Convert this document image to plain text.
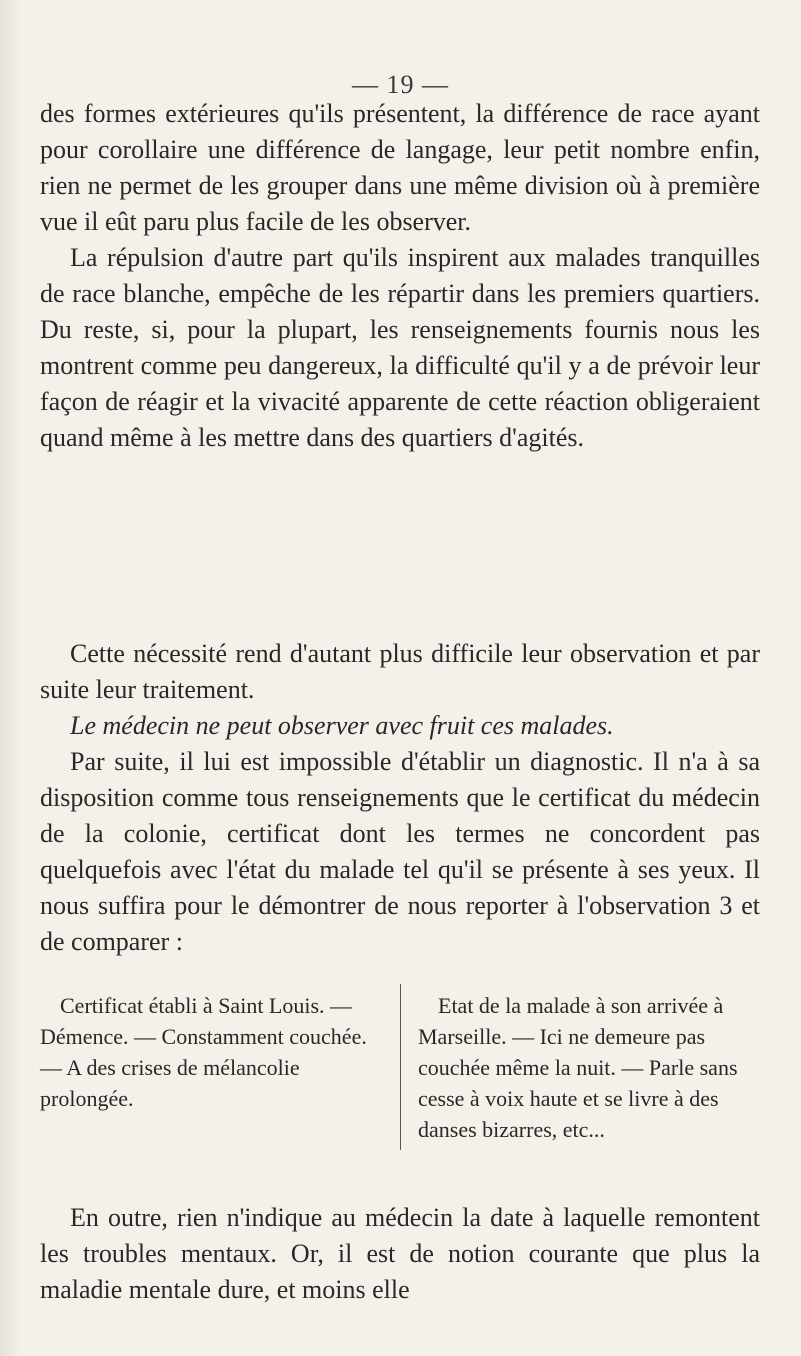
— 19 —

des formes extérieures qu'ils présentent, la différence de race ayant pour corollaire une différence de langage, leur petit nombre enfin, rien ne permet de les grouper dans une même division où à première vue il eût paru plus facile de les observer.

La répulsion d'autre part qu'ils inspirent aux malades tranquilles de race blanche, empêche de les répartir dans les premiers quartiers. Du reste, si, pour la plupart, les renseignements fournis nous les montrent comme peu dangereux, la difficulté qu'il y a de prévoir leur façon de réagir et la vivacité apparente de cette réaction obligeraient quand même à les mettre dans des quartiers d'agités.

Cette nécessité rend d'autant plus difficile leur observation et par suite leur traitement.

Le médecin ne peut observer avec fruit ces malades.

Par suite, il lui est impossible d'établir un diagnostic. Il n'a à sa disposition comme tous renseignements que le certificat du médecin de la colonie, certificat dont les termes ne concordent pas quelquefois avec l'état du malade tel qu'il se présente à ses yeux. Il nous suffira pour le démontrer de nous reporter à l'observation 3 et de comparer :

Certificat établi à Saint Louis. — Démence. — Constamment couchée. — A des crises de mélancolie prolongée.

Etat de la malade à son arrivée à Marseille. — Ici ne demeure pas couchée même la nuit. — Parle sans cesse à voix haute et se livre à des danses bizarres, etc...

En outre, rien n'indique au médecin la date à laquelle remontent les troubles mentaux. Or, il est de notion courante que plus la maladie mentale dure, et moins elle
